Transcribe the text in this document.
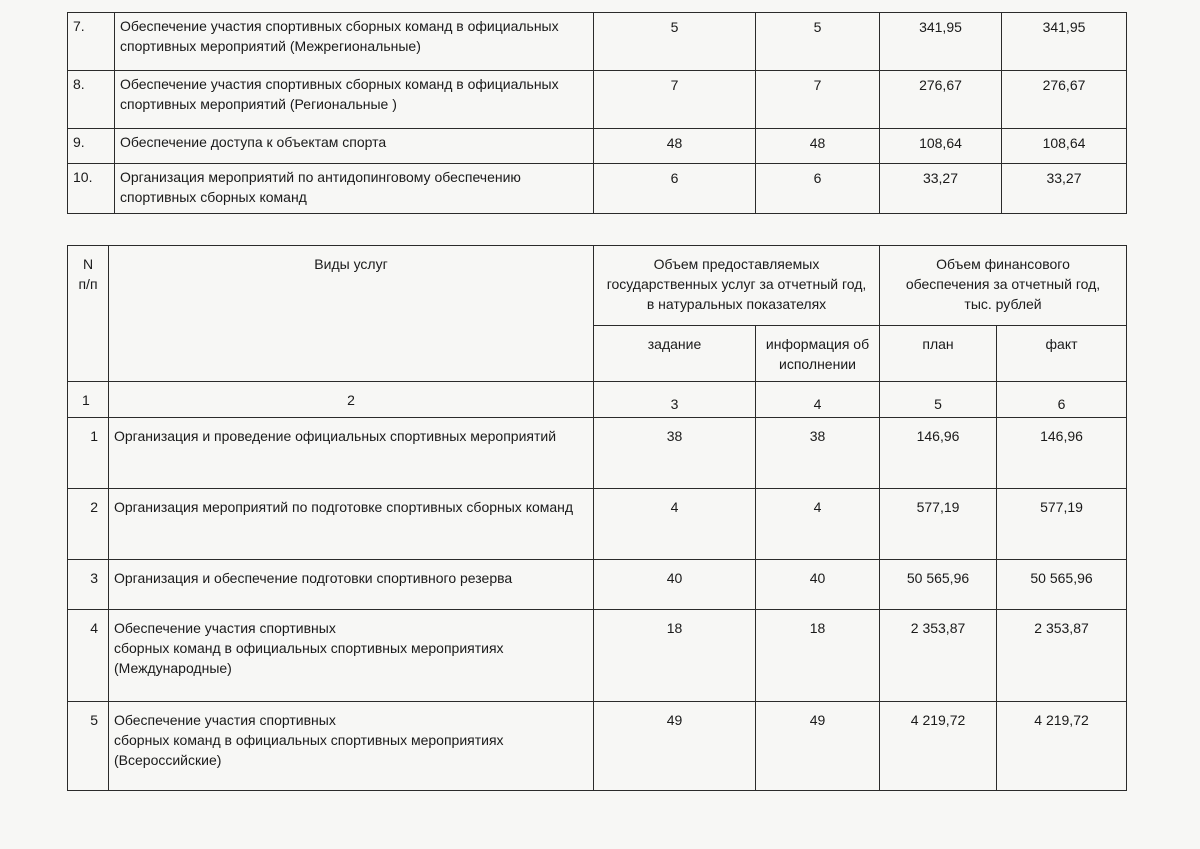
7.	Обеспечение участия спортивных сборных команд в официальных спортивных мероприятий (Межрегиональные)	5	5	341,95	341,95
8.	Обеспечение участия спортивных сборных команд в официальных спортивных мероприятий (Региональные )	7	7	276,67	276,67
9.	Обеспечение доступа к объектам спорта	48	48	108,64	108,64
10.	Организация мероприятий по антидопинговому обеспечению спортивных сборных команд	6	6	33,27	33,27
N п/п	Виды услуг	Объем предоставляемых государственных услуг за отчетный год, в натуральных показателях		Объем финансового обеспечения за отчетный год, тыс. рублей	

		задание	информация об исполнении	план	факт
1	2	3	4	5	6
1	Организация и проведение официальных спортивных мероприятий	38	38	146,96	146,96
2	Организация мероприятий по подготовке спортивных сборных команд	4	4	577,19	577,19
3	Организация и обеспечение подготовки спортивного резерва	40	40	50 565,96	50 565,96
4	Обеспечение участия спортивных
сборных команд в официальных спортивных мероприятиях
(Международные)	18	18	2 353,87	2 353,87
5	Обеспечение участия спортивных
сборных команд в официальных спортивных мероприятиях
(Всероссийские)	49	49	4 219,72	4 219,72
